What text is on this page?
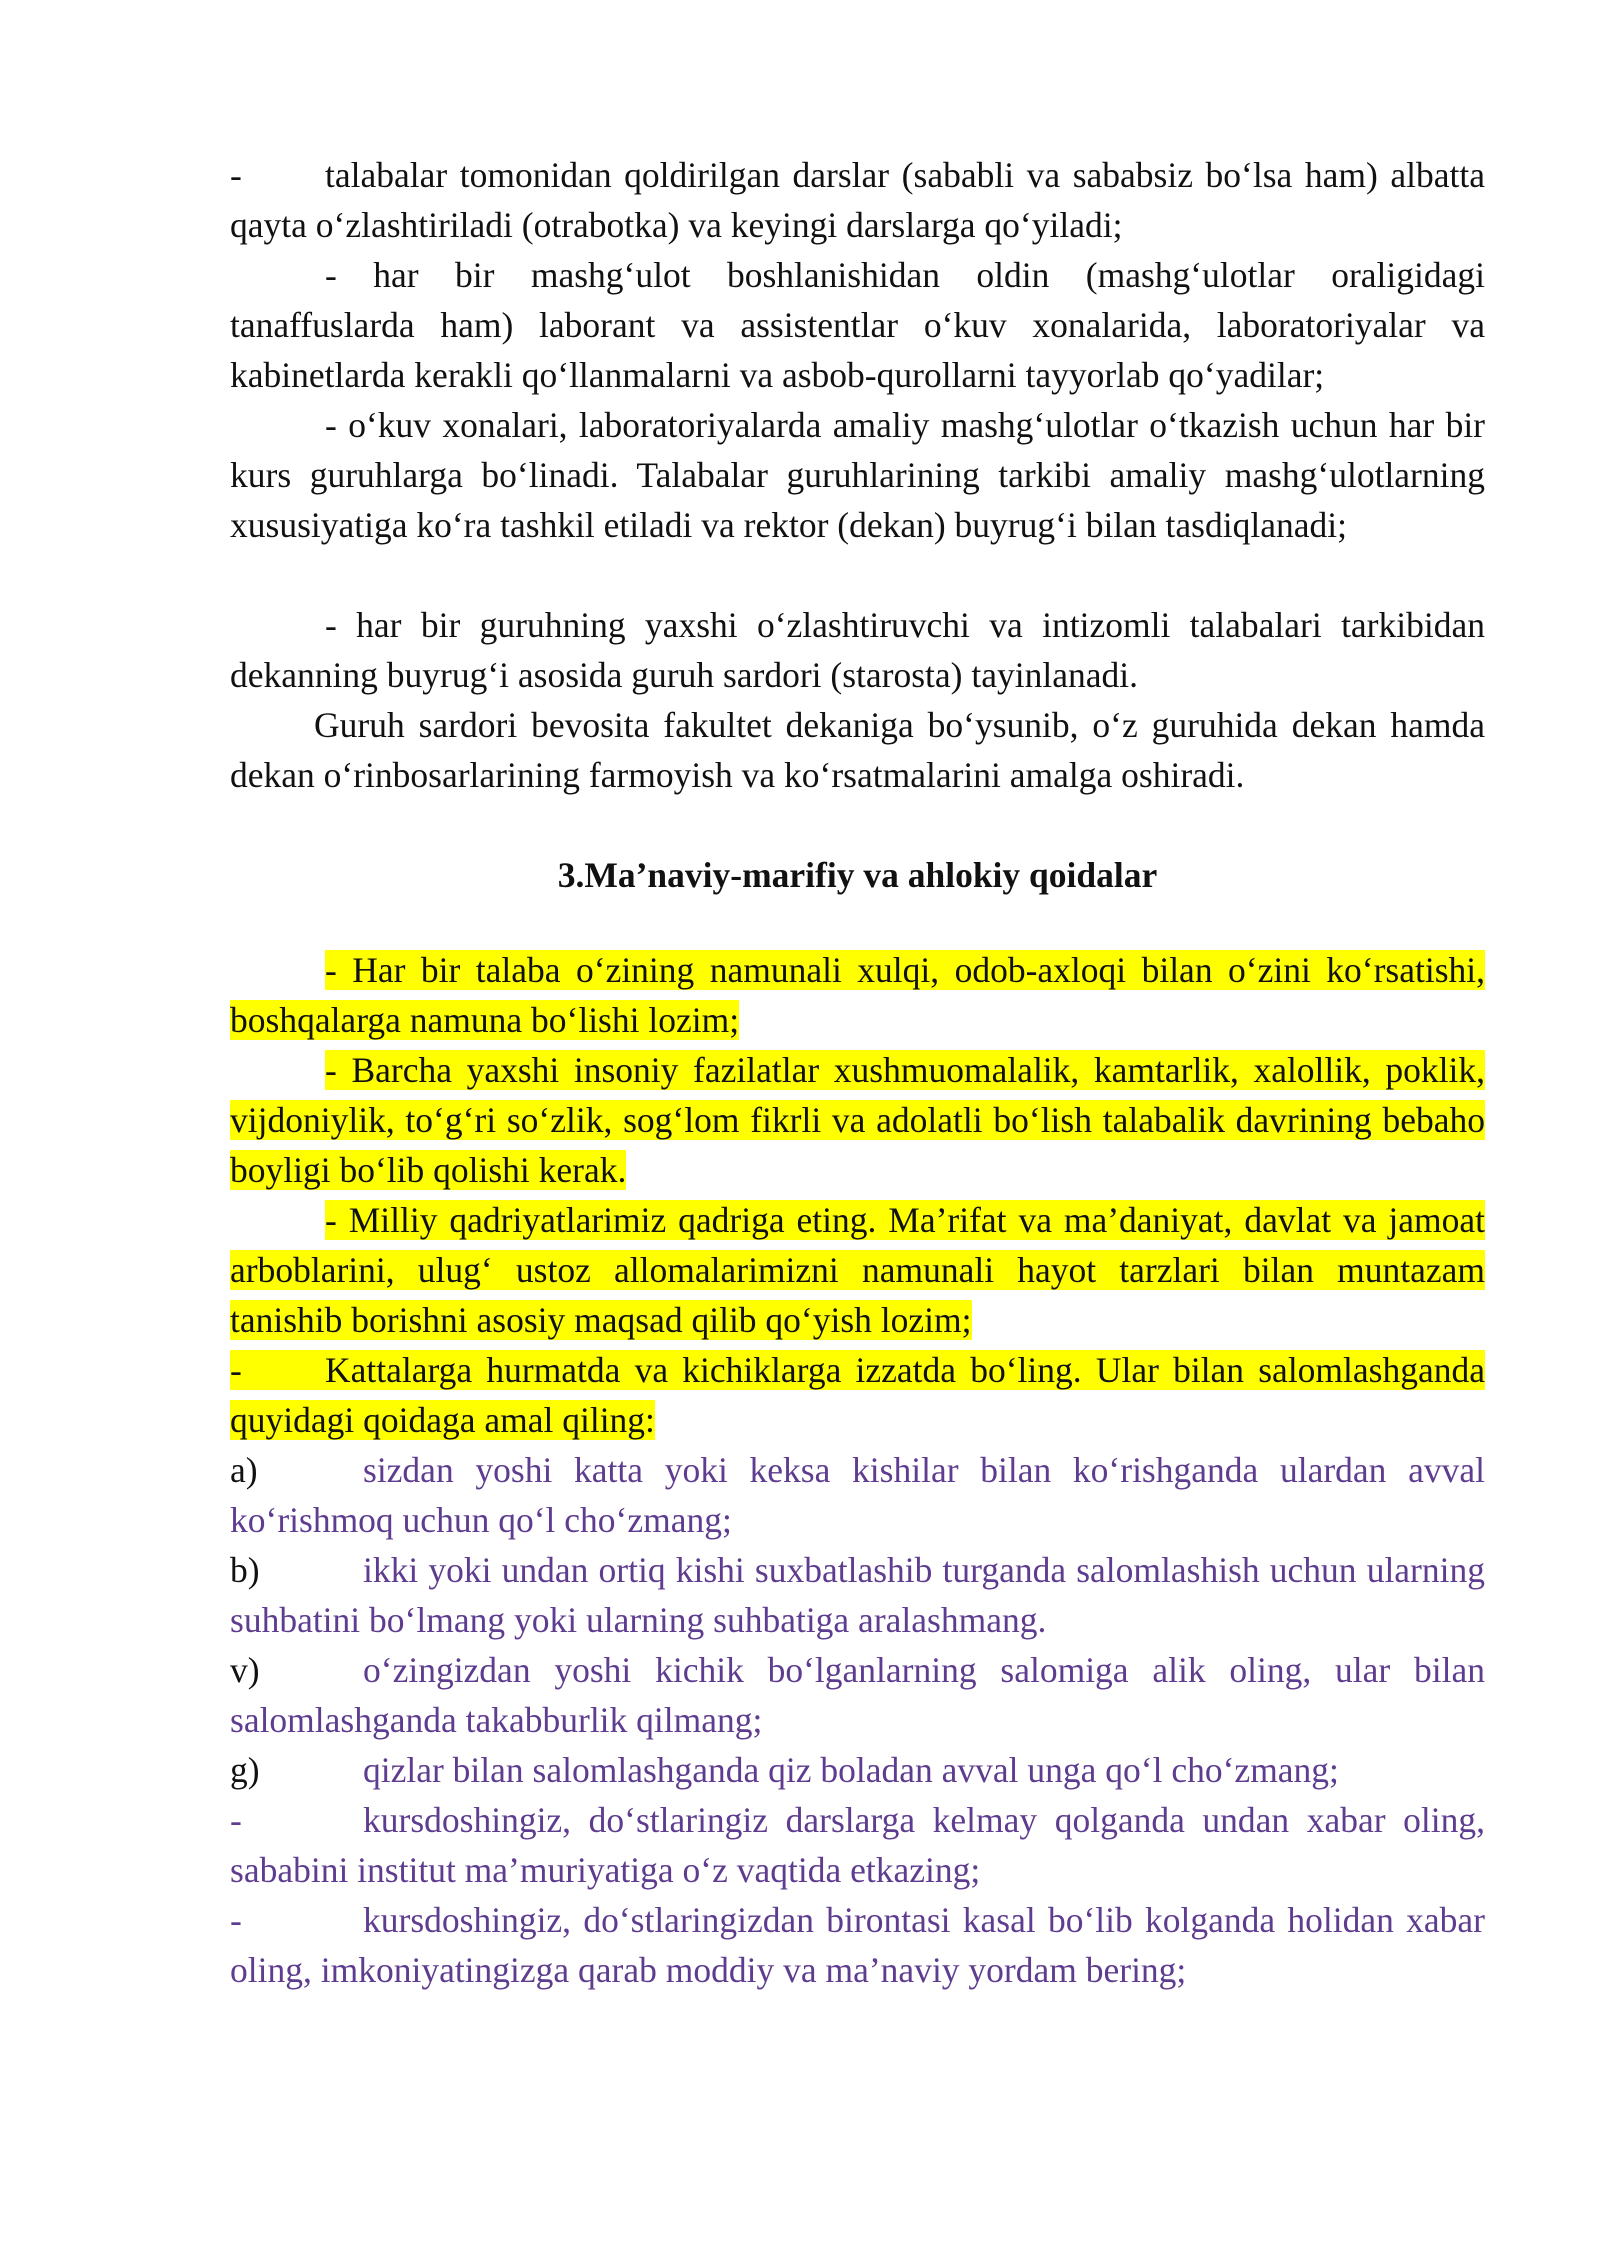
- talabalar tomonidan qoldirilgan darslar (sababli va sababsiz bo‘lsa ham) albatta qayta o‘zlashtiriladi (otrabotka) va keyingi darslarga qo‘yiladi;

- har bir mashg‘ulot boshlanishidan oldin (mashg‘ulotlar oraligidagi tanaffuslarda ham) laborant va assistentlar o‘kuv xonalarida, laboratoriyalar va kabinetlarda kerakli qo‘llanmalarni va asbob-qurollarni tayyorlab qo‘yadilar;

- o‘kuv xonalari, laboratoriyalarda amaliy mashg‘ulotlar o‘tkazish uchun har bir kurs guruhlarga bo‘linadi. Talabalar guruhlarining tarkibi amaliy mashg‘ulotlarning xususiyatiga ko‘ra tashkil etiladi va rektor (dekan) buyrug‘i bilan tasdiqlanadi;

- har bir guruhning yaxshi o‘zlashtiruvchi va intizomli talabalari tarkibidan dekanning buyrug‘i asosida guruh sardori (starosta) tayinlanadi.

Guruh sardori bevosita fakultet dekaniga bo‘ysunib, o‘z guruhida dekan hamda dekan o‘rinbosarlarining farmoyish va ko‘rsatmalarini amalga oshiradi.

3.Ma’naviy-marifiy va ahlokiy qoidalar

- Har bir talaba o‘zining namunali xulqi, odob-axloqi bilan o‘zini ko‘rsatishi, boshqalarga namuna bo‘lishi lozim;

- Barcha yaxshi insoniy fazilatlar xushmuomalalik, kamtarlik, xalollik, poklik, vijdoniylik, to‘g‘ri so‘zlik, sog‘lom fikrli va adolatli bo‘lish talabalik davrining bebaho boyligi bo‘lib qolishi kerak.

- Milliy qadriyatlarimiz qadriga eting. Ma’rifat va ma’daniyat, davlat va jamoat arboblarini, ulug‘ ustoz allomalarimizni namunali hayot tarzlari bilan muntazam tanishib borishni asosiy maqsad qilib qo‘yish lozim;

- Kattalarga hurmatda va kichiklarga izzatda bo‘ling. Ular bilan salomlashganda quyidagi qoidaga amal qiling:

a)	sizdan yoshi katta yoki keksa kishilar bilan ko‘rishganda ulardan avval ko‘rishmoq uchun qo‘l cho‘zmang;

b)	ikki yoki undan ortiq kishi suxbatlashib turganda salomlashish uchun ularning suhbatini bo‘lmang yoki ularning suhbatiga aralashmang.

v)	o‘zingizdan yoshi kichik bo‘lganlarning salomiga alik oling, ular bilan salomlashganda takabburlik qilmang;

g)	qizlar bilan salomlashganda qiz boladan avval unga qo‘l cho‘zmang;

-	kursdoshingiz, do‘stlaringiz darslarga kelmay qolganda undan xabar oling, sababini institut ma’muriyatiga o‘z vaqtida etkazing;

-	kursdoshingiz, do‘stlaringizdan birontasi kasal bo‘lib kolganda holidan xabar oling, imkoniyatingizga qarab moddiy va ma’naviy yordam bering;
